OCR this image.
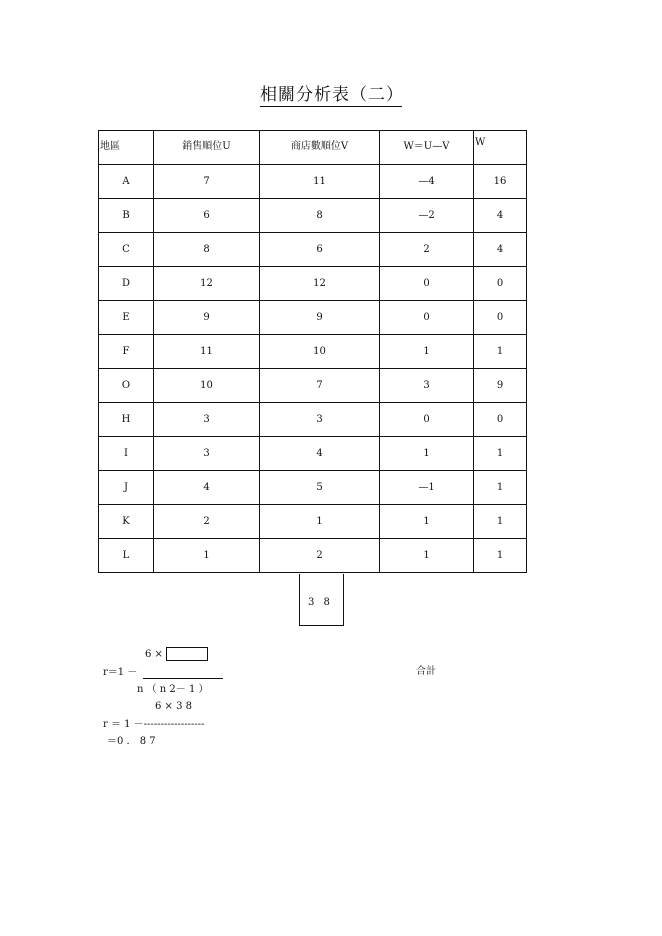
相關分析表（二）
地區	銷售順位U	商店數順位V	W＝U—V	W
A	7	11	—4	16
B	6	8	—2	4
C	8	6	2	4
D	12	12	0	0
E	9	9	0	0
F	11	10	1	1
O	10	7	3	9
H	3	3	0	0
I	3	4	1	1
J	4	5	—1	1
K	2	1	1	1
L	1	2	1	1
3 8
合計
6 ×
r＝1 －
n （ n 2－ 1 ）
6 × 3 8
r ＝ 1 －------------------
＝0 ． 8 7
